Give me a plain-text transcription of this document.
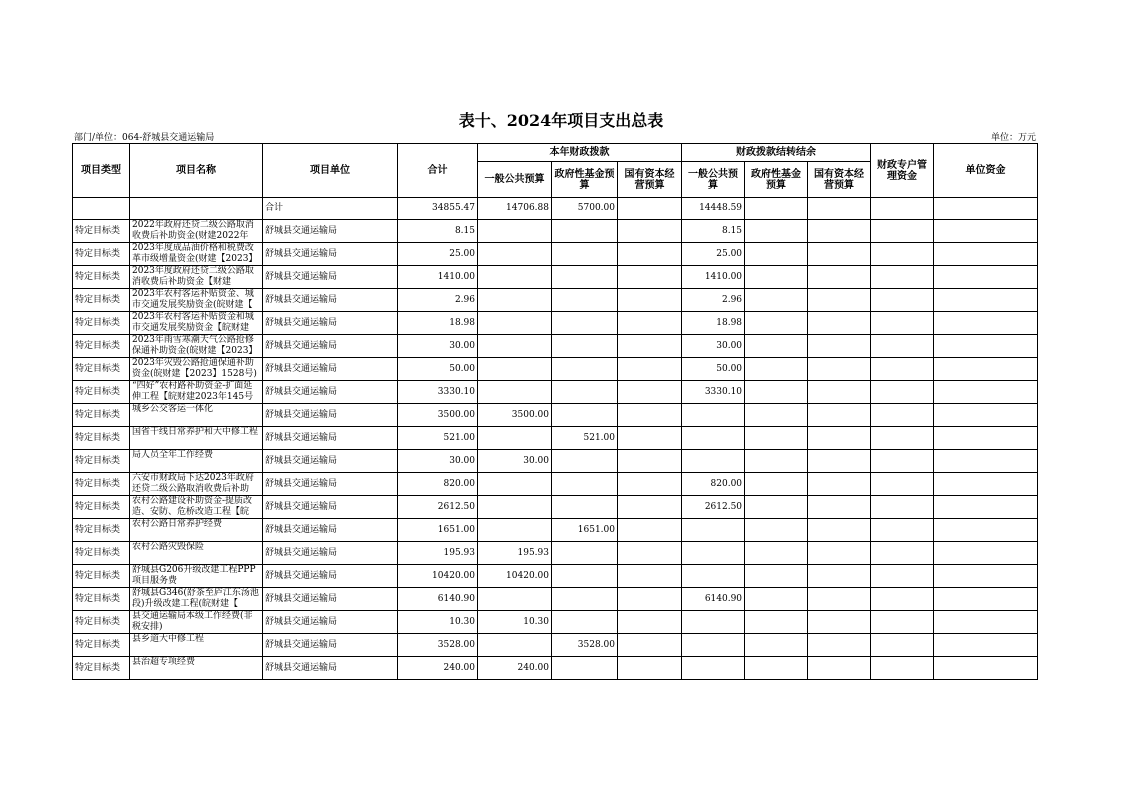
表十、2024年项目支出总表
部门/单位：064-舒城县交通运输局	单位：万元
项目类型	项目名称	项目单位	合计	本年财政拨款			财政拨款结转结余			财政专户管理资金	单位资金
				一般公共预算	政府性基金预算	国有资本经营预算	一般公共预算	政府性基金预算	国有资本经营预算		
		合计	34855.47	14706.88	5700.00		14448.59				
特定目标类	2022年政府还贷二级公路取消收费后补助资金(财建2022年	舒城县交通运输局	8.15				8.15				
特定目标类	2023年度成品油价格和税费改革市级增量资金(财建【2023】	舒城县交通运输局	25.00				25.00				
特定目标类	2023年度政府还贷二级公路取消收费后补助资金【财建	舒城县交通运输局	1410.00				1410.00				
特定目标类	2023年农村客运补贴资金、城市交通发展奖励资金(皖财建【	舒城县交通运输局	2.96				2.96				
特定目标类	2023年农村客运补贴资金和城市交通发展奖励资金【皖财建	舒城县交通运输局	18.98				18.98				
特定目标类	2023年雨雪寒潮天气公路抢修保通补助资金(皖财建【2023】	舒城县交通运输局	30.00				30.00				
特定目标类	2023年灾毁公路抢通保通补助资金(皖财建【2023】1528号)	舒城县交通运输局	50.00				50.00				
特定目标类	“四好”农村路补助资金-扩面延伸工程【皖财建2023年145号	舒城县交通运输局	3330.10				3330.10				
特定目标类	城乡公交客运一体化	舒城县交通运输局	3500.00	3500.00							
特定目标类	国省干线日常养护和大中修工程	舒城县交通运输局	521.00		521.00						
特定目标类	局人员全年工作经费	舒城县交通运输局	30.00	30.00							
特定目标类	六安市财政局下达2023年政府还贷二级公路取消收费后补助	舒城县交通运输局	820.00				820.00				
特定目标类	农村公路建设补助资金-提质改造、安防、危桥改造工程【皖	舒城县交通运输局	2612.50				2612.50				
特定目标类	农村公路日常养护经费	舒城县交通运输局	1651.00		1651.00						
特定目标类	农村公路灾毁保险	舒城县交通运输局	195.93	195.93							
特定目标类	舒城县G206升级改建工程PPP项目服务费	舒城县交通运输局	10420.00	10420.00							
特定目标类	舒城县G346(舒茶至庐江东汤池段)升级改建工程(皖财建【	舒城县交通运输局	6140.90				6140.90				
特定目标类	县交通运输局本级工作经费(非税安排)	舒城县交通运输局	10.30	10.30							
特定目标类	县乡道大中修工程	舒城县交通运输局	3528.00		3528.00						
特定目标类	县治超专项经费	舒城县交通运输局	240.00	240.00							
